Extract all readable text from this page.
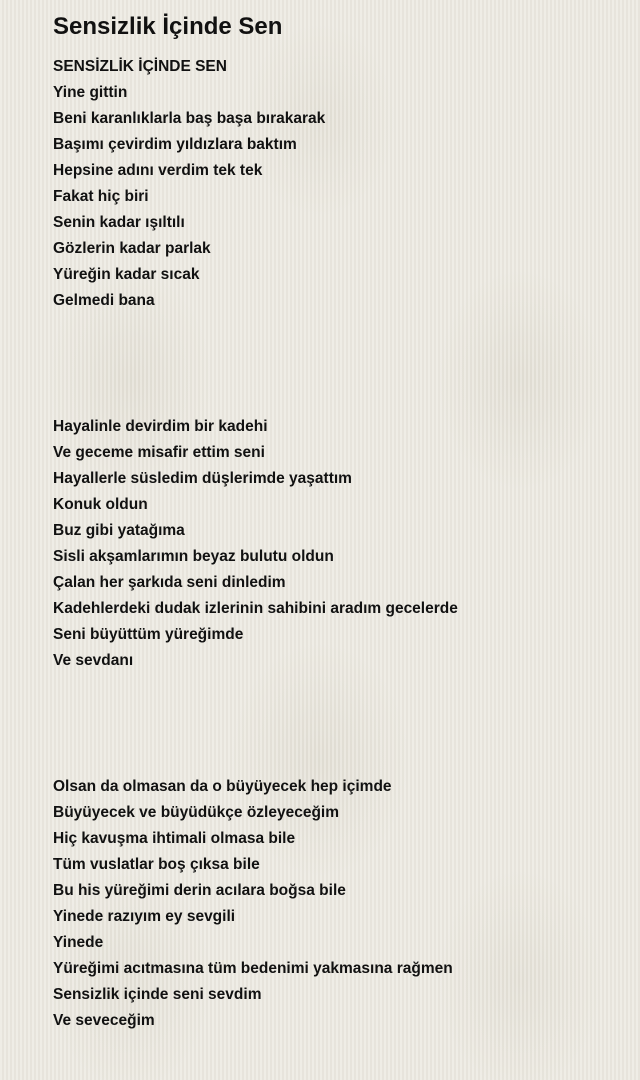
Sensizlik İçinde Sen
SENSİZLİK İÇİNDE SEN
Yine gittin
Beni karanlıklarla baş başa bırakarak
Başımı çevirdim yıldızlara baktım
Hepsine adını verdim tek tek
Fakat hiç biri
Senin kadar ışıltılı
Gözlerin kadar parlak
Yüreğin kadar sıcak
Gelmedi bana
Hayalinle devirdim bir kadehi
Ve geceme misafir ettim seni
Hayallerle süsledim düşlerimde yaşattım
Konuk oldun
Buz gibi yatağıma
Sisli akşamlarımın beyaz bulutu oldun
Çalan her şarkıda seni dinledim
Kadehlerdeki dudak izlerinin sahibini aradım gecelerde
Seni büyüttüm yüreğimde
Ve sevdanı
Olsan da olmasan da o büyüyecek hep içimde
Büyüyecek ve büyüdükçe özleyeceğim
Hiç kavuşma ihtimali olmasa bile
Tüm vuslatlar boş çıksa bile
Bu his yüreğimi derin acılara boğsa bile
Yinede razıyım ey sevgili
Yinede
Yüreğimi acıtmasına tüm bedenimi yakmasına rağmen
Sensizlik içinde seni sevdim
Ve seveceğim
